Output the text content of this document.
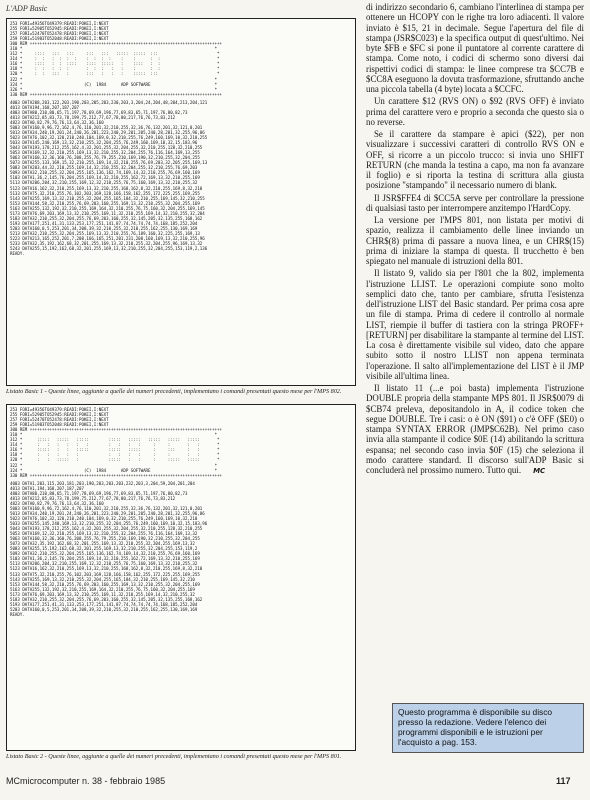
L'ADP Basic
253 FORI=49356TO49379:READI:POKEI,I:NEXT
255 FORI=52905TO52945:READI:POKEI,I:NEXT
257 FORI=52470TO52478:READI:POKEI,I:NEXT
259 FORI=51983TO52048:READI:POKEI,I:NEXT
300 REM ++++++++++++++++++++++++++++++++++++++++++++++++++++++++++++++++++++++++++++++
310 *                                                                              *
312 *     ::::   :::   :::     :::   :::   :::::  :::::  :::                        *
314 *     :  :   :  :  :  :    :  :  :  :    :    :      :  :                       *
316 *     ::::   :  :  ::::    ::::  :::::   :    ::::   :  :                       *
318 *     :  :   :  :  :       :  :  :   :   :    :      :  :                       *
320 *     :  :   :::   :       :::   :   :   :    :::::  :::                        *
322 *                                                                              *
324 *                         (C)  1984      ADP SOFTWARE                          *
326 *                                                                              *
330 REM ++++++++++++++++++++++++++++++++++++++++++++++++++++++++++++++++++++++++++++++
4003 DATA208,203,122,203,190,203,205,203,230,203,3,204,24,204,48,204,213,204,121
4013 DATA194,168,207,187,207
4803 DATA80,210,80,65,71,197,78,69,69,196,77,69,83,65,71,197,76,80,82,73
4813 DATA212,85,83,73,78,199,75,212,77,67,78,80,217,76,76,73,83,212
4823 DATA0,82,79,76,76,13,64,32,36,160
5003 DATA160,9,96,72,162,4,76,110,201,32,210,255,32,36,76,132,201,32,121,0,201
5013 DATA34,240,19,201,24,240,26,201,223,240,29,201,205,240,28,201,32,255,96,86
5023 DATA76,102,32,120,210,240,104,169,0,32,210,255,76,249,160,169,10,32,210,255
5033 DATA145,240,169,13,32,210,255,32,204,255,76,249,160,169,10,32,15,183,96
5043 DATA193,178,212,255,162,4,32,201,255,32,204,255,32,210,255,128,32,210,255
5053 DATA169,12,32,210,255,169,13,32,210,255,32,204,255,76,116,164,169,13,255
5063 DATA160,32,36,160,76,208,255,76,79,255,210,169,190,32,210,255,32,204,255
5073 DATA255,133,169,15,32,210,255,169,14,32,210,255,76,69,203,32,205,255,169,13
5083 DATA203,44,32,210,255,169,14,32,210,255,32,204,255,32,210,255,76,69,203
5093 DATA32,210,255,32,204,255,165,136,162,74,169,14,32,210,255,76,69,160,169
5103 DATA1,36,2,145,76,204,255,169,14,32,210,255,162,72,169,13,32,210,255,169
5113 DATA206,204,32,210,255,169,12,32,210,255,76,75,160,169,13,32,210,255,32
5123 DATA16,162,32,210,255,169,13,32,210,255,168,162,8,32,210,255,169,8,32,210
5133 DATA75,32,210,255,76,102,203,169,128,166,158,162,255,172,225,255,169,255
5143 DATA255,169,13,32,210,255,32,204,255,165,184,32,210,255,169,145,32,210,255
5153 DATA144,58,32,210,255,76,69,203,160,255,169,13,32,210,255,32,204,255,169
5163 DATA255,132,192,32,210,255,169,164,32,210,255,76,75,160,32,204,255,169,145
5173 DATA76,69,203,169,13,32,210,255,169,11,32,210,255,169,14,32,210,255,32,204
5183 DATA32,210,255,32,204,255,76,69,203,160,255,32,145,205,32,135,255,168,162
5193 DATA177,251,41,31,133,253,177,251,141,87,74,74,74,74,74,168,185,252,204
5203 DATA160,0,5,253,201,34,208,39,32,210,255,32,210,255,162,255,130,169,169
5213 DATA32,210,255,32,204,255,169,13,32,210,255,76,189,160,32,225,255,169,13
5223 DATA213,165,252,201,7,208,166,165,251,201,231,208,160,169,13,32,210,255,96
5233 DATA32,35,192,162,68,32,201,255,169,13,32,210,255,32,204,255,96,169,13,32
5243 DATA255,15,192,162,68,32,201,255,169,13,32,210,255,32,204,255,153,119,2,136
READY.
Listato Basic 1 - Queste linee, aggiunte a quelle dei numeri precedenti, implementano i comandi presentati questo mese per l'MPS 802.
253 FORI=49356TO49379:READI:POKEI,I:NEXT
255 FORI=52905TO52945:READI:POKEI,I:NEXT
257 FORI=52470TO52478:READI:POKEI,I:NEXT
259 FORI=51983TO52048:READI:POKEI,I:NEXT
300 REM ++++++++++++++++++++++++++++++++++++++++++++++++++++++++++++++++++++++++++++++
310 *                                                                              *
312 *      :::::   :::::   :::::        :::::   :::::   :::::   :::::   :::::       *
314 *      :   :   :   :   :   :        :   :   :   :     :     :       :   :       *
316 *      :::::   :   :   :::::        :::::   :::::     :     :::     :   :       *
318 *      :   :   :   :   :            :   :   :   :     :     :       :   :       *
320 *      :   :   :::::   :            :::::   :   :     :     :::::   :::::       *
322 *                                                                              *
324 *                         (C)  1984      ADP SOFTWARE                          *
330 REM ++++++++++++++++++++++++++++++++++++++++++++++++++++++++++++++++++++++++++++++
4003 DATA1,203,115,203,181,203,190,203,203,203,232,203,3,204,59,204,201,204
4013 DATA1,194,168,207,187,207
4803 DATA80,210,80,65,71,197,78,69,69,196,77,69,83,65,71,197,76,80,82,73
4813 DATA212,85,83,73,78,199,75,212,77,67,78,80,217,76,76,73,83,212
4823 DATA0,82,79,76,76,13,64,32,36,160
5003 DATA160,9,96,72,162,4,76,110,201,32,210,255,32,36,76,132,201,32,121,0,201
5013 DATA34,240,19,201,24,240,26,201,223,240,29,201,205,240,28,201,32,255,96,86
5023 DATA76,102,32,120,210,240,104,169,0,32,210,255,76,249,160,169,10,32,210
5033 DATA255,145,240,169,13,32,210,255,32,204,255,76,249,160,169,10,32,15,183,96
5043 DATA193,178,212,255,162,4,32,201,255,32,204,255,32,210,255,128,32,210,255
5053 DATA169,12,32,210,255,169,13,32,210,255,32,204,255,76,116,164,169,13,32
5063 DATA160,32,36,160,76,208,255,76,79,255,210,169,190,32,210,255,32,204,255
5073 DATA32,35,192,162,68,32,201,255,169,13,32,210,255,32,204,255,169,13,32
5083 DATA255,15,192,162,68,32,201,255,169,13,32,210,255,32,204,255,153,119,2
5093 DATA32,210,255,32,204,255,165,136,162,74,169,14,32,210,255,76,69,160,169
5103 DATA1,36,2,145,76,204,255,169,14,32,210,255,162,72,169,13,32,210,255,169
5113 DATA206,204,32,210,255,169,12,32,210,255,76,75,160,169,13,32,210,255,32
5123 DATA16,162,32,210,255,169,13,32,210,255,168,162,8,32,210,255,169,8,32,210
5133 DATA75,32,210,255,76,102,203,169,128,166,158,162,255,172,225,255,169,255
5143 DATA255,169,13,32,210,255,32,204,255,165,184,32,210,255,169,145,32,210
5153 DATA144,58,32,210,255,76,69,203,160,255,169,13,32,210,255,32,204,255,169
5163 DATA255,132,192,32,210,255,169,164,32,210,255,76,75,160,32,204,255,169
5173 DATA76,69,203,169,13,32,210,255,169,11,32,210,255,169,14,32,210,255,32
5183 DATA32,210,255,32,204,255,76,69,203,160,255,32,145,205,32,135,255,168,162
5193 DATA177,251,41,31,133,253,177,251,141,87,74,74,74,74,74,168,185,252,204
5203 DATA160,0,5,253,201,34,208,39,32,210,255,32,210,255,162,255,130,169,169
READY.
Listato Basic 2 - Queste linee, aggiunte a quelle dei numeri precedenti, implementano i comandi presentati questo mese per l'MPS 801.

di indirizzo secondario 6, cambiano l'interlinea di stampa per ottenere un HCOPY con le righe tra loro adiacenti. Il valore inviato è $15, 21 in decimale. Segue l'apertura del file di stampa (JSR$C023) e la specifica output di quest'ultimo. Nei byte $FB e $FC si pone il puntatore al corrente carattere di stampa. Come noto, i codici di schermo sono diversi dai rispettivi codici di stampa: le linee comprese tra $CC7B e $CC8A eseguono la dovuta trasformazione, sfruttando anche una piccola tabella (4 byte) locata a $CCFC.

Un carattere $12 (RVS ON) o $92 (RVS OFF) è inviato prima del carattere vero e proprio a seconda che questo sia o no reverse.

Se il carattere da stampare è apici ($22), per non visualizzare i successivi caratteri di controllo RVS ON e OFF, si ricorre a un piccolo trucco: si invia uno SHIFT RETURN (che manda la testina a capo, ma non fa avanzare il foglio) e si riporta la testina di scrittura alla giusta posizione "stampando" il necessario numero di blank.

Il JSR$FFE4 di $CC5A serve per controllare la pressione di qualsiasi tasto per interrompere anzitempo l'HardCopy.

La versione per l'MPS 801, non listata per motivi di spazio, realizza il cambiamento delle linee inviando un CHR$(8) prima di passare a nuova linea, e un CHR$(15) prima di iniziare la stampa di questa. Il trucchetto è ben spiegato nel manuale di istruzioni della 801.

Il listato 9, valido sia per l'801 che la 802, implementa l'istruzione LLIST. Le operazioni compiute sono molto semplici dato che, tanto per cambiare, sfrutta l'esistenza dell'istruzione LIST del Basic standard. Per prima cosa apre un file di stampa. Prima di cedere il controllo al normale LIST, riempie il buffer di tastiera con la stringa PROFF+[RETURN] per disabilitare la stampante al termine del LIST. La cosa è direttamente visibile sul video, dato che appare subito sotto il nostro LLIST non appena terminata l'operazione. Il salto all'implementazione del LIST è il JMP visibile all'ultima linea.

Il listato 11 (...e poi basta) implementa l'istruzione DOUBLE propria della stampante MPS 801. Il JSR$0079 di $CB74 preleva, depositandolo in A, il codice token che segue DOUBLE. Tre i casi: o è ON ($91) o c'è OFF ($E0) o stampa SYNTAX ERROR (JMP$C62B). Nel primo caso invia alla stampante il codice $0E (14) abilitando la scrittura espansa; nel secondo caso invia $0F (15) che seleziona il modo carattere standard. Il discorso sull'ADP Basic si concluderà nel prossimo numero. Tutto qui. MC

Questo programma è disponibile su disco presso la redazione. Vedere l'elenco dei programmi disponibili e le istruzioni per l'acquisto a pag. 153.
MCmicrocomputer n. 38 - febbraio 1985	117
